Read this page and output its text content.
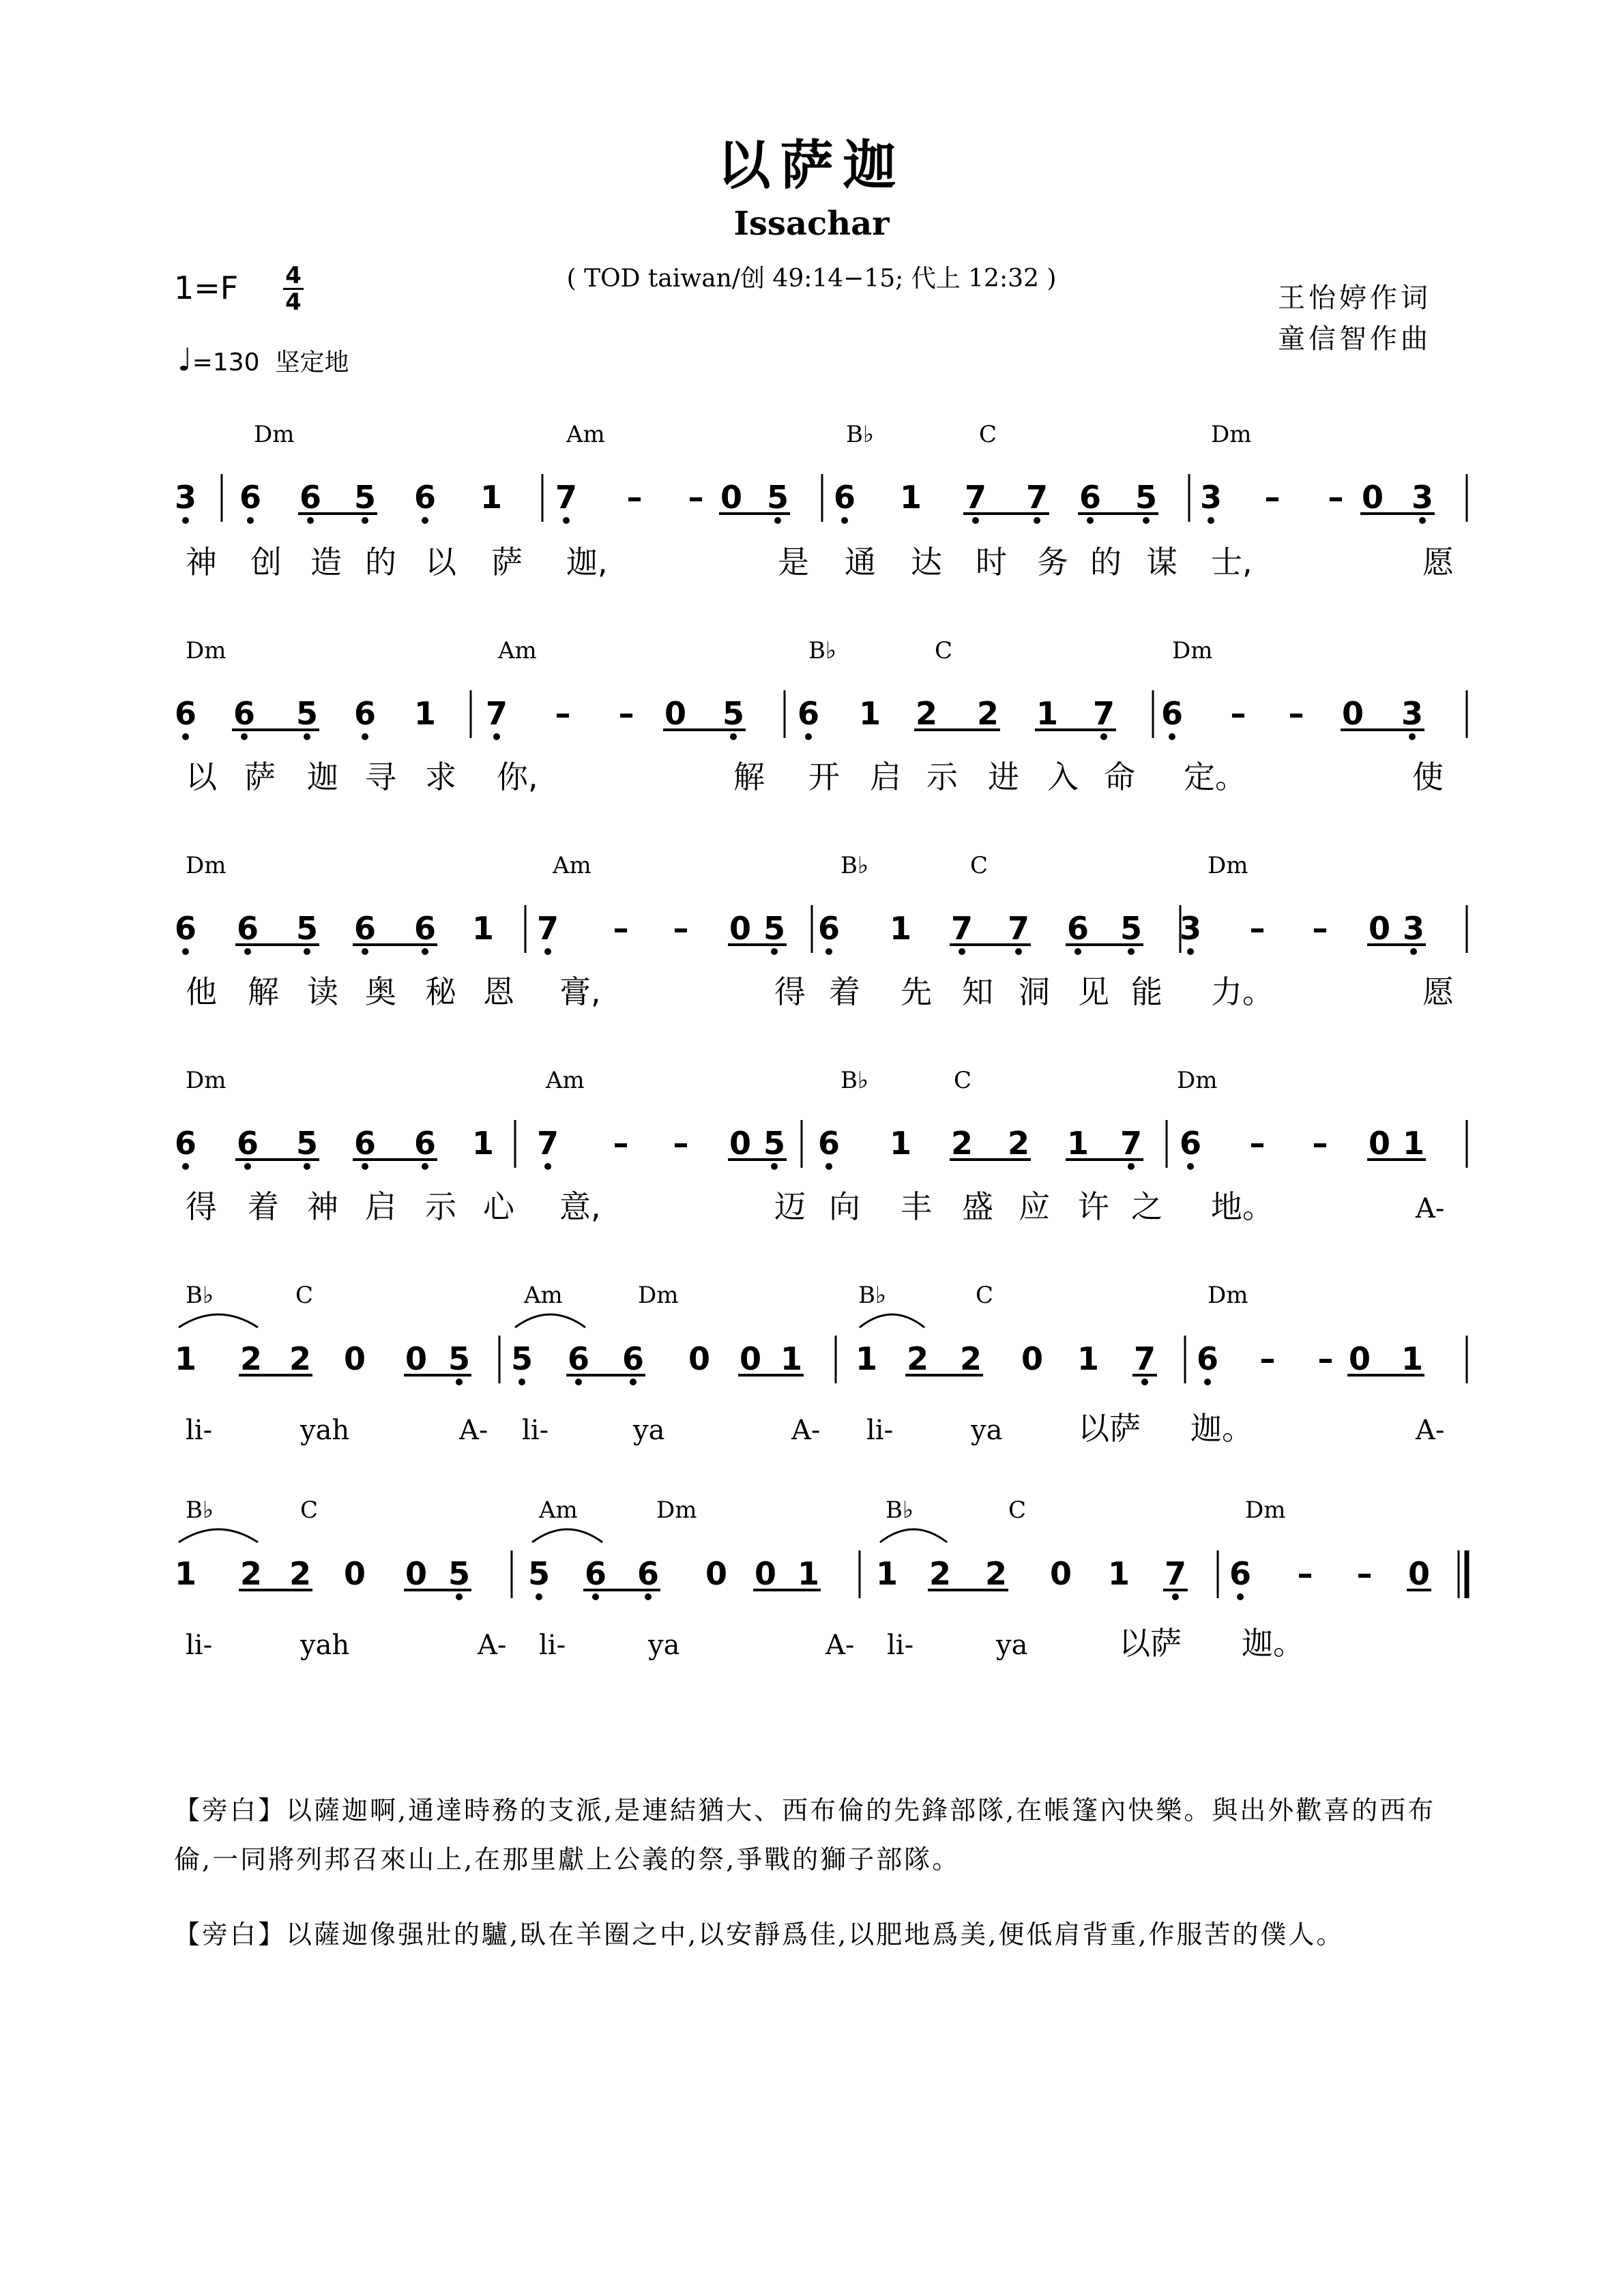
以萨迦
Issachar
( TOD taiwan/创 49:14−15; 代上 12:32 )
1=F 4
4
♩=130 坚定地
王怡婷作词
童信智作曲
Dm	Am	B♭	C	Dm
3 6 6 5 6 1 7 – – 0 5 6 1 7 7 6 5 3 – – 0 3
神 创 造 的 以 萨 迦,	是 通 达 时 务 的 谋 士,	愿
Dm	Am	B♭	C	Dm
6 6 5 6 1 7 – – 0 5 6 1 2 2 1 7 6 – – 0 3
以 萨 迦 寻 求 你,	解 开 启 示 进 入 命 定。	使
Dm	Am	B♭	C	Dm
6 6 5 6 6 1 7 – – 0 5 6 1 7 7 6 5 3 – – 0 3
他 解 读 奥 秘 恩 膏,	得 着 先 知 洞 见 能 力。	愿
Dm	Am	B♭	C	Dm
6 6 5 6 6 1 7 – – 0 5 6 1 2 2 1 7 6 – – 0 1
得 着 神 启 示 心 意,	迈 向 丰 盛 应 许 之 地。	A-
B♭	C	Am	Dm	B♭	C	Dm
1 2 2 0 0 5 5 6 6 0 0 1 1 2 2 0 1 7 6 – – 0 1
li-	yah	A- li-	ya	A- li-	ya 以萨 迦。	A-
B♭	C	Am	Dm	B♭	C	Dm
1 2 2 0 0 5 5 6 6 0 0 1 1 2 2 0 1 7 6 – – 0
li-	yah	A- li-	ya	A- li-	ya	以萨 迦。
【旁白】以薩迦啊,通達時務的支派,是連結猶大、西布倫的先鋒部隊,在帳篷內快樂。與出外歡喜的西布倫,一同將列邦召來山上,在那里獻上公義的祭,爭戰的獅子部隊。
【旁白】以薩迦像强壯的驢,臥在羊圈之中,以安靜爲佳,以肥地爲美,便低肩背重,作服苦的僕人。
